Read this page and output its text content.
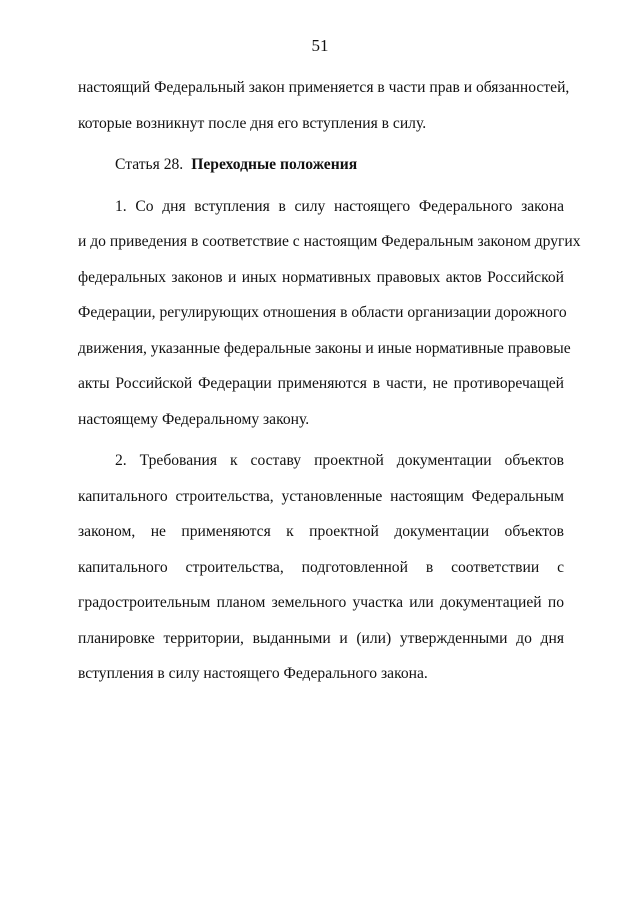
51
настоящий Федеральный закон применяется в части прав и обязанностей,
которые возникнут после дня его вступления в силу.
Статья 28. Переходные положения
1. Со дня вступления в силу настоящего Федерального закона
и до приведения в соответствие с настоящим Федеральным законом других
федеральных законов и иных нормативных правовых актов Российской
Федерации, регулирующих отношения в области организации дорожного
движения, указанные федеральные законы и иные нормативные правовые
акты Российской Федерации применяются в части, не противоречащей
настоящему Федеральному закону.
2. Требования к составу проектной документации объектов
капитального строительства, установленные настоящим Федеральным
законом, не применяются к проектной документации объектов
капитального строительства, подготовленной в соответствии с
градостроительным планом земельного участка или документацией по
планировке территории, выданными и (или) утвержденными до дня
вступления в силу настоящего Федерального закона.
